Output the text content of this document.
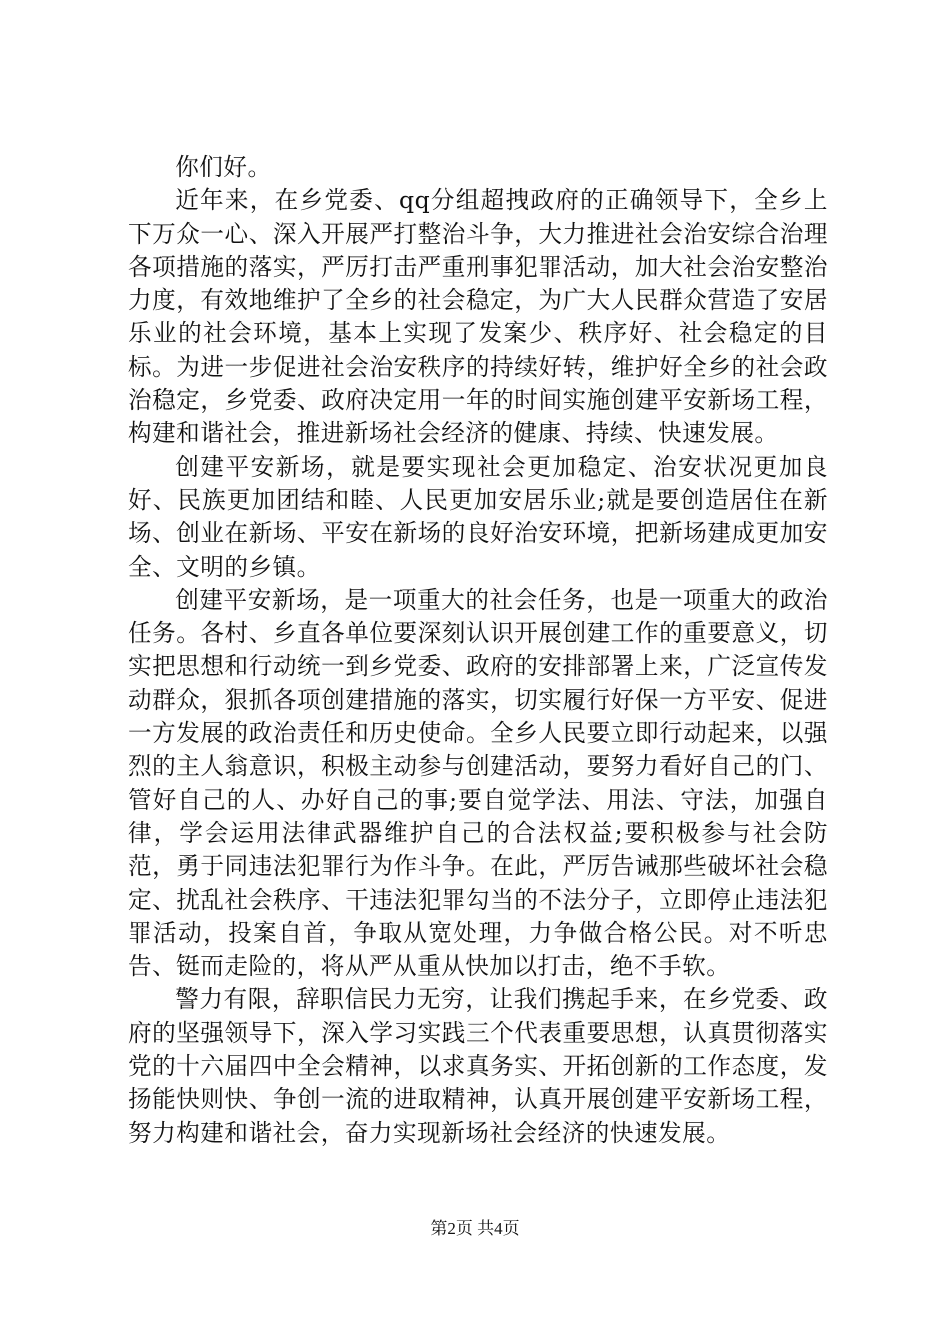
你们好。

近年来，在乡党委、qq分组超拽政府的正确领导下，全乡上下万众一心、深入开展严打整治斗争，大力推进社会治安综合治理各项措施的落实，严厉打击严重刑事犯罪活动，加大社会治安整治力度，有效地维护了全乡的社会稳定，为广大人民群众营造了安居乐业的社会环境，基本上实现了发案少、秩序好、社会稳定的目标。为进一步促进社会治安秩序的持续好转，维护好全乡的社会政治稳定，乡党委、政府决定用一年的时间实施创建平安新场工程，构建和谐社会，推进新场社会经济的健康、持续、快速发展。

创建平安新场，就是要实现社会更加稳定、治安状况更加良好、民族更加团结和睦、人民更加安居乐业;就是要创造居住在新场、创业在新场、平安在新场的良好治安环境，把新场建成更加安全、文明的乡镇。

创建平安新场，是一项重大的社会任务，也是一项重大的政治任务。各村、乡直各单位要深刻认识开展创建工作的重要意义，切实把思想和行动统一到乡党委、政府的安排部署上来，广泛宣传发动群众，狠抓各项创建措施的落实，切实履行好保一方平安、促进一方发展的政治责任和历史使命。全乡人民要立即行动起来，以强烈的主人翁意识，积极主动参与创建活动，要努力看好自己的门、管好自己的人、办好自己的事;要自觉学法、用法、守法，加强自律，学会运用法律武器维护自己的合法权益;要积极参与社会防范，勇于同违法犯罪行为作斗争。在此，严厉告诫那些破坏社会稳定、扰乱社会秩序、干违法犯罪勾当的不法分子，立即停止违法犯罪活动，投案自首，争取从宽处理，力争做合格公民。对不听忠告、铤而走险的，将从严从重从快加以打击，绝不手软。

警力有限，辞职信民力无穷，让我们携起手来，在乡党委、政府的坚强领导下，深入学习实践三个代表重要思想，认真贯彻落实党的十六届四中全会精神，以求真务实、开拓创新的工作态度，发扬能快则快、争创一流的进取精神，认真开展创建平安新场工程，努力构建和谐社会，奋力实现新场社会经济的快速发展。

第2页 共4页
